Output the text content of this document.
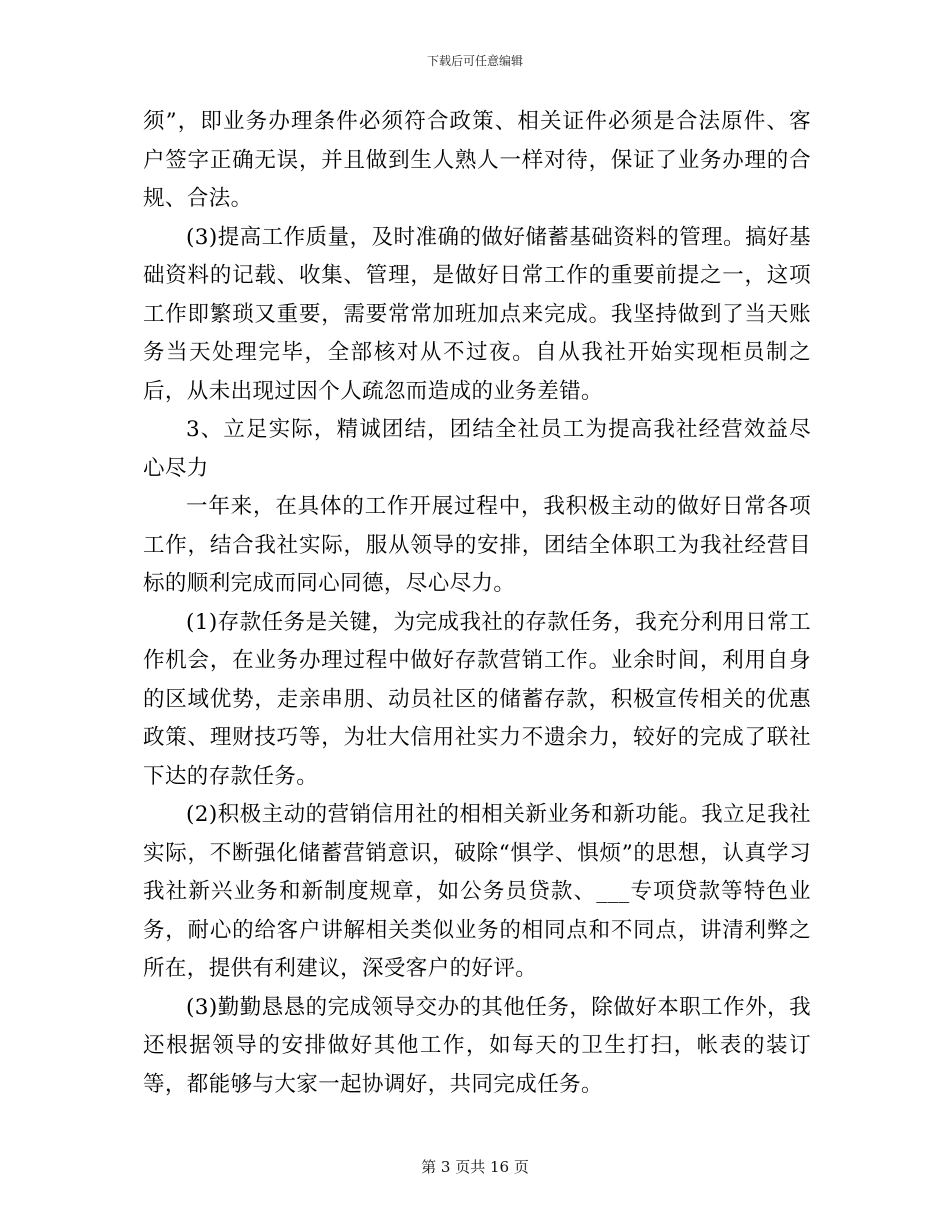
下载后可任意编辑

须”，即业务办理条件必须符合政策、相关证件必须是合法原件、客户签字正确无误，并且做到生人熟人一样对待，保证了业务办理的合规、合法。

(3)提高工作质量，及时准确的做好储蓄基础资料的管理。搞好基础资料的记载、收集、管理，是做好日常工作的重要前提之一，这项工作即繁琐又重要，需要常常加班加点来完成。我坚持做到了当天账务当天处理完毕，全部核对从不过夜。自从我社开始实现柜员制之后，从未出现过因个人疏忽而造成的业务差错。

3、立足实际，精诚团结，团结全社员工为提高我社经营效益尽心尽力

一年来，在具体的工作开展过程中，我积极主动的做好日常各项工作，结合我社实际，服从领导的安排，团结全体职工为我社经营目标的顺利完成而同心同德，尽心尽力。

(1)存款任务是关键，为完成我社的存款任务，我充分利用日常工作机会，在业务办理过程中做好存款营销工作。业余时间，利用自身的区域优势，走亲串朋、动员社区的储蓄存款，积极宣传相关的优惠政策、理财技巧等，为壮大信用社实力不遗余力，较好的完成了联社下达的存款任务。

(2)积极主动的营销信用社的相相关新业务和新功能。我立足我社实际，不断强化储蓄营销意识，破除“惧学、惧烦”的思想，认真学习我社新兴业务和新制度规章，如公务员贷款、___专项贷款等特色业务，耐心的给客户讲解相关类似业务的相同点和不同点，讲清利弊之所在，提供有利建议，深受客户的好评。

(3)勤勤恳恳的完成领导交办的其他任务，除做好本职工作外，我还根据领导的安排做好其他工作，如每天的卫生打扫，帐表的装订等，都能够与大家一起协调好，共同完成任务。

第 3 页共 16 页
